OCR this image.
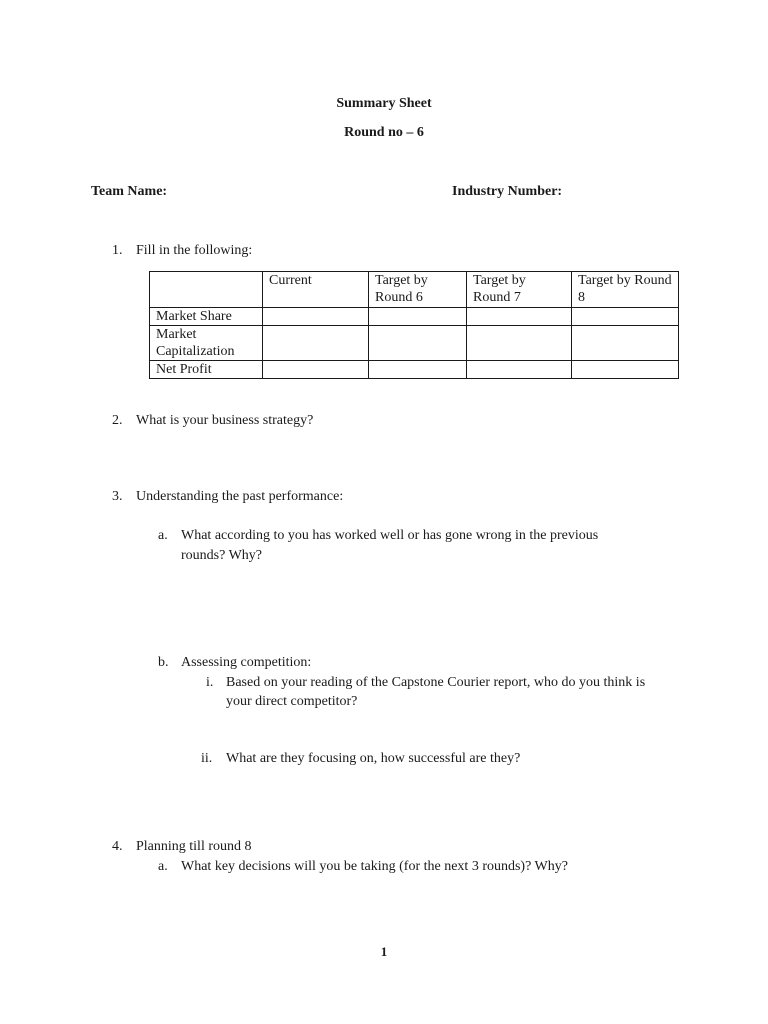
Summary Sheet
Round no – 6
Team Name:	Industry Number:
1. Fill in the following:
	Current	Target by Round 6	Target by Round 7	Target by Round 8
Market Share				
Market Capitalization				
Net Profit				
2. What is your business strategy?
3. Understanding the past performance:
a. What according to you has worked well or has gone wrong in the previous
rounds? Why?
b. Assessing competition:
i. Based on your reading of the Capstone Courier report, who do you think is
your direct competitor?
ii. What are they focusing on, how successful are they?
4. Planning till round 8
a. What key decisions will you be taking (for the next 3 rounds)? Why?
1
